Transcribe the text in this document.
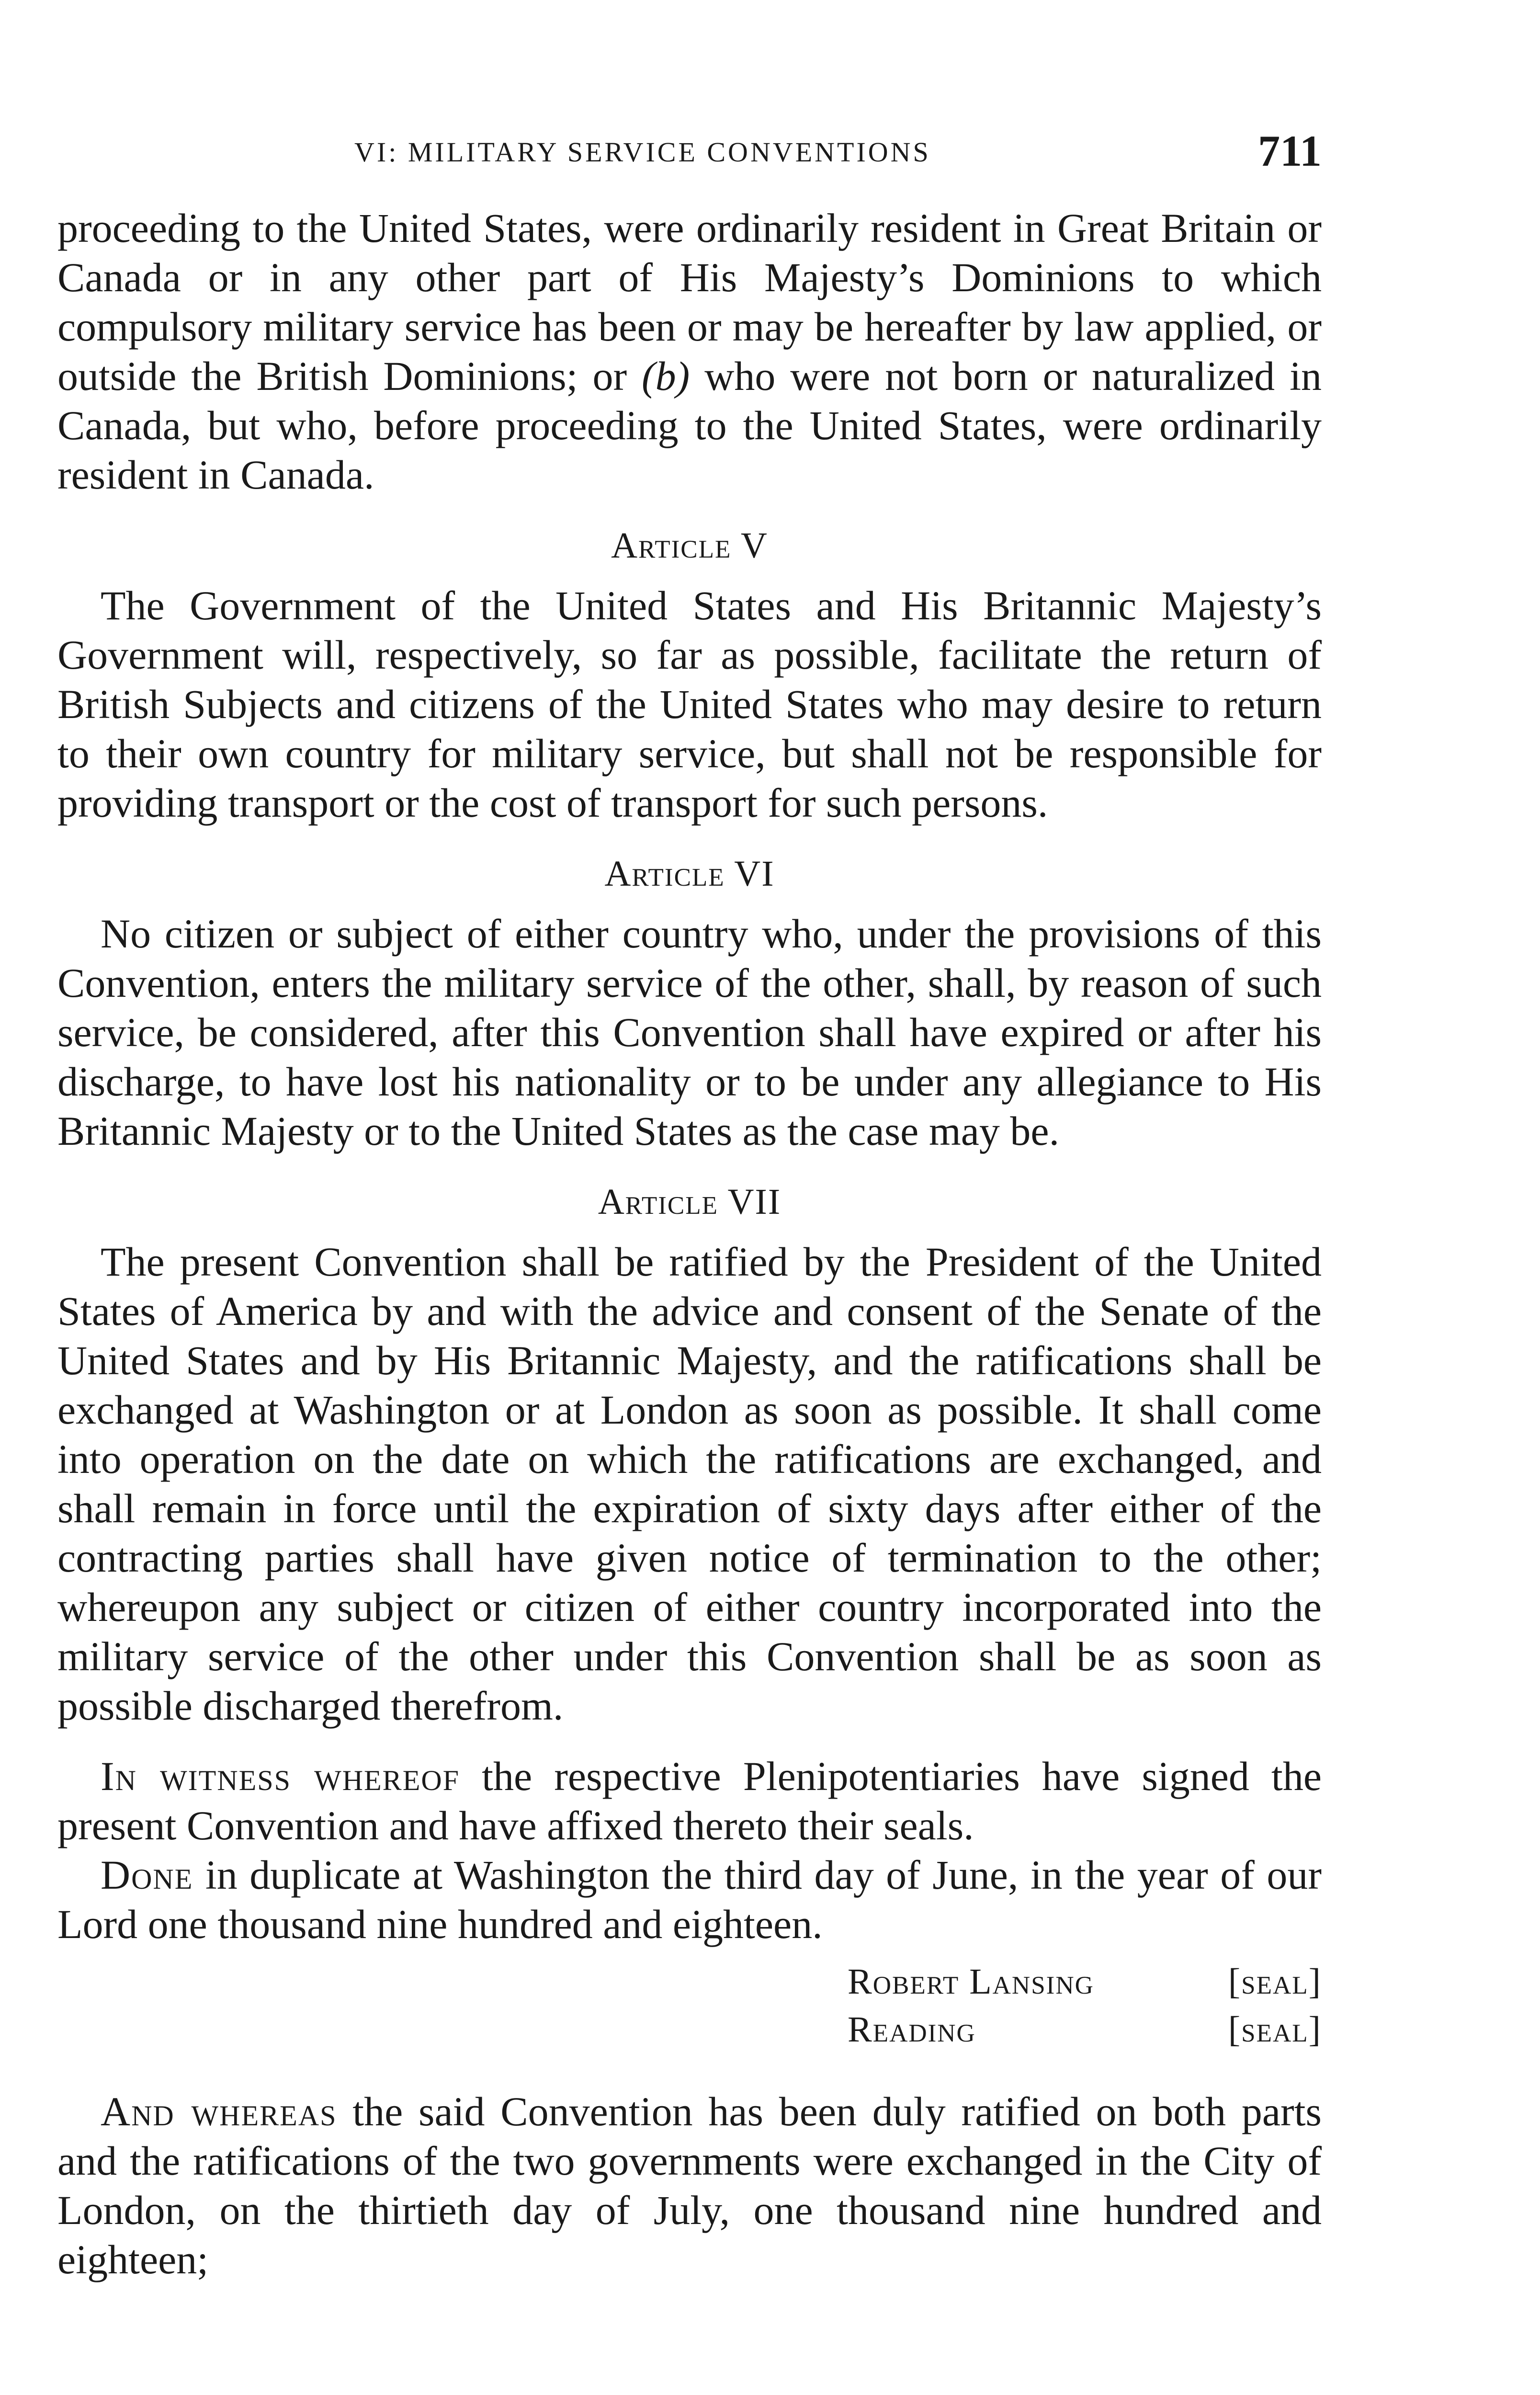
VI: MILITARY SERVICE CONVENTIONS	711
proceeding to the United States, were ordinarily resident in Great Britain or Canada or in any other part of His Majesty’s Dominions to which compulsory military service has been or may be hereafter by law applied, or outside the British Dominions; or (b) who were not born or naturalized in Canada, but who, before proceeding to the United States, were ordinarily resident in Canada.
Article V

The Government of the United States and His Britannic Majesty’s Government will, respectively, so far as possible, facilitate the return of British Subjects and citizens of the United States who may desire to return to their own country for military service, but shall not be responsible for providing transport or the cost of transport for such persons.

Article VI

No citizen or subject of either country who, under the provisions of this Convention, enters the military service of the other, shall, by reason of such service, be considered, after this Convention shall have expired or after his discharge, to have lost his nationality or to be under any allegiance to His Britannic Majesty or to the United States as the case may be.

Article VII

The present Convention shall be ratified by the President of the United States of America by and with the advice and consent of the Senate of the United States and by His Britannic Majesty, and the ratifications shall be exchanged at Washington or at London as soon as possible. It shall come into operation on the date on which the ratifications are exchanged, and shall remain in force until the expiration of sixty days after either of the contracting parties shall have given notice of termination to the other; whereupon any subject or citizen of either country incorporated into the military service of the other under this Convention shall be as soon as possible discharged therefrom.

In witness whereof the respective Plenipotentiaries have signed the present Convention and have affixed thereto their seals.

Done in duplicate at Washington the third day of June, in the year of our Lord one thousand nine hundred and eighteen.

Robert Lansing	[seal]
Reading	[seal]

And whereas the said Convention has been duly ratified on both parts and the ratifications of the two governments were exchanged in the City of London, on the thirtieth day of July, one thousand nine hundred and eighteen;
